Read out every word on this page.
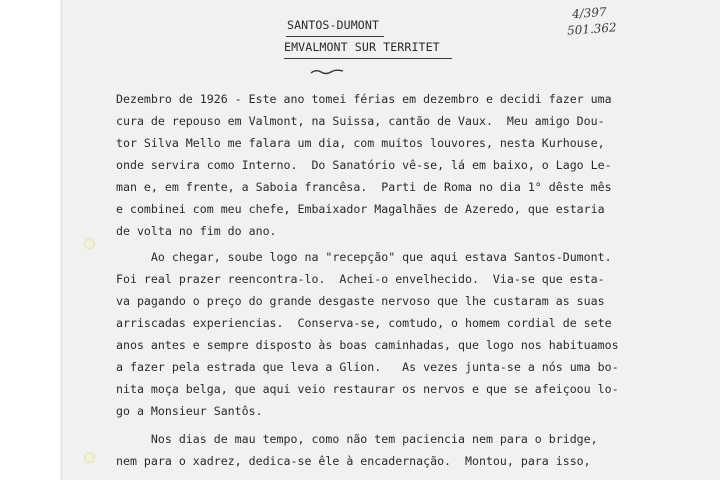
SANTOS-DUMONT
EMVALMONT SUR TERRITET
4/397
501.362
Dezembro de 1926 - Este ano tomei férias em dezembro e decidi fazer uma
cura de repouso em Valmont, na Suissa, cantão de Vaux.  Meu amigo Dou-
tor Silva Mello me falara um dia, com muitos louvores, nesta Kurhouse,
onde servira como Interno.  Do Sanatório vê-se, lá em baixo, o Lago Le-
man e, em frente, a Saboia francêsa.  Parti de Roma no dia 1° dêste mês
e combinei com meu chefe, Embaixador Magalhães de Azeredo, que estaria
de volta no fim do ano.
Ao chegar, soube logo na "recepção" que aqui estava Santos-Dumont.
Foi real prazer reencontra-lo.  Achei-o envelhecido.  Via-se que esta-
va pagando o preço do grande desgaste nervoso que lhe custaram as suas
arriscadas experiencias.  Conserva-se, comtudo, o homem cordial de sete
anos antes e sempre disposto às boas caminhadas, que logo nos habituamos
a fazer pela estrada que leva a Glion.   As vezes junta-se a nós uma bo-
nita moça belga, que aqui veio restaurar os nervos e que se afeiçoou lo-
go a Monsieur Santôs.
Nos dias de mau tempo, como não tem paciencia nem para o bridge,
nem para o xadrez, dedica-se êle à encadernação.  Montou, para isso,
